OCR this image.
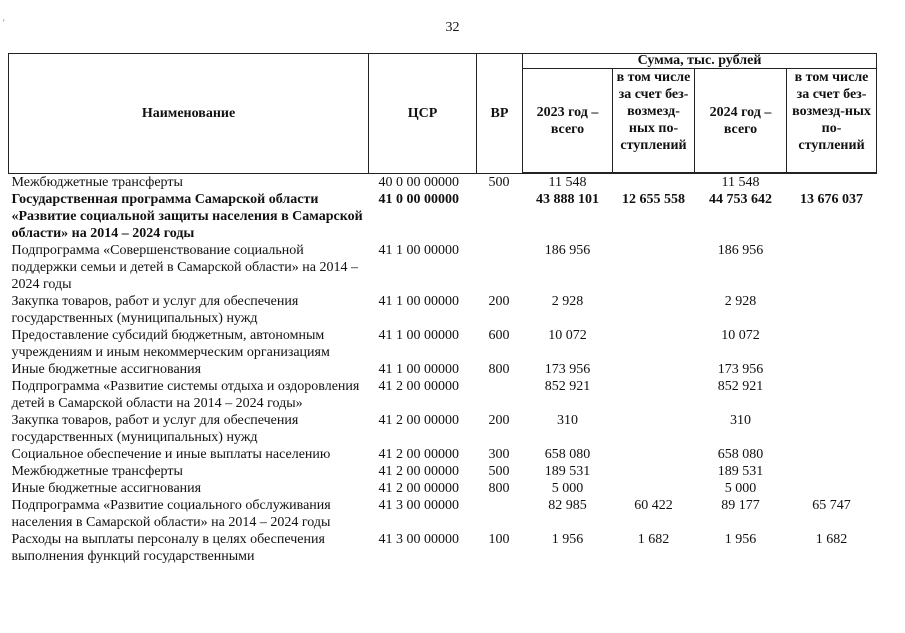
32
Наименование	ЦСР	ВР	Сумма, тыс. рублей			
			2023 год – всего	в том числе за счет без-возмезд-ных по-ступлений	2024 год – всего	в том числе за счет без-возмезд-ных по-ступлений
Межбюджетные трансферты	40 0 00 00000	500	11 548		11 548	
Государственная программа Самарской области «Развитие социальной защиты населения в Самарской области» на 2014 – 2024 годы	41 0 00 00000		43 888 101	12 655 558	44 753 642	13 676 037
Подпрограмма «Совершенствование социальной поддержки семьи и детей в Самарской области» на 2014 – 2024 годы	41 1 00 00000		186 956		186 956	
Закупка товаров, работ и услуг для обеспечения государственных (муниципальных) нужд	41 1 00 00000	200	2 928		2 928	
Предоставление субсидий бюджетным, автономным учреждениям и иным некоммерческим организациям	41 1 00 00000	600	10 072		10 072	
Иные бюджетные ассигнования	41 1 00 00000	800	173 956		173 956	
Подпрограмма «Развитие системы отдыха и оздоровления детей в Самарской области на 2014 – 2024 годы»	41 2 00 00000		852 921		852 921	
Закупка товаров, работ и услуг для обеспечения государственных (муниципальных) нужд	41 2 00 00000	200	310		310	
Социальное обеспечение и иные выплаты населению	41 2 00 00000	300	658 080		658 080	
Межбюджетные трансферты	41 2 00 00000	500	189 531		189 531	
Иные бюджетные ассигнования	41 2 00 00000	800	5 000		5 000	
Подпрограмма «Развитие социального обслуживания населения в Самарской области» на 2014 – 2024 годы	41 3 00 00000		82 985	60 422	89 177	65 747
Расходы на выплаты персоналу в целях обеспечения выполнения функций государственными	41 3 00 00000	100	1 956	1 682	1 956	1 682
‘
